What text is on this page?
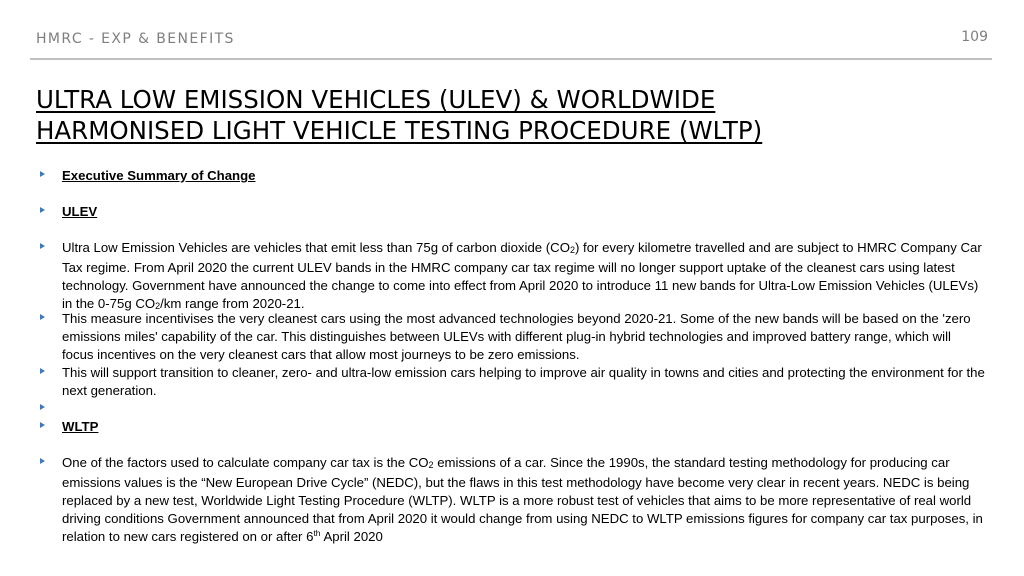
HMRC - EXP & BENEFITS	109
ULTRA LOW EMISSION VEHICLES (ULEV) & WORLDWIDE
HARMONISED LIGHT VEHICLE TESTING PROCEDURE (WLTP)
Executive Summary of Change
ULEV
Ultra Low Emission Vehicles are vehicles that emit less than 75g of carbon dioxide $(CO_2)$ for every kilometre travelled and are subject to HMRC Company Car Tax regime. From April 2020 the current ULEV bands in the HMRC company car tax regime will no longer support uptake of the cleanest cars using latest technology. Government have announced the change to come into effect from April 2020 to introduce 11 new bands for Ultra-Low Emission Vehicles (ULEVs) in the 0-75g $CO_2/km$ range from 2020-21.
This measure incentivises the very cleanest cars using the most advanced technologies beyond 2020-21. Some of the new bands will be based on the 'zero emissions miles' capability of the car. This distinguishes between ULEVs with different plug-in hybrid technologies and improved battery range, which will focus incentives on the very cleanest cars that allow most journeys to be zero emissions.
This will support transition to cleaner, zero- and ultra-low emission cars helping to improve air quality in towns and cities and protecting the environment for the next generation.

WLTP
One of the factors used to calculate company car tax is the $CO_2$ emissions of a car. Since the 1990s, the standard testing methodology for producing car emissions values is the “New European Drive Cycle” (NEDC), but the flaws in this test methodology have become very clear in recent years. NEDC is being replaced by a new test, Worldwide Light Testing Procedure (WLTP). WLTP is a more robust test of vehicles that aims to be more representative of real world driving conditions Government announced that from April 2020 it would change from using NEDC to WLTP emissions figures for company car tax purposes, in relation to new cars registered on or after 6th April 2020
